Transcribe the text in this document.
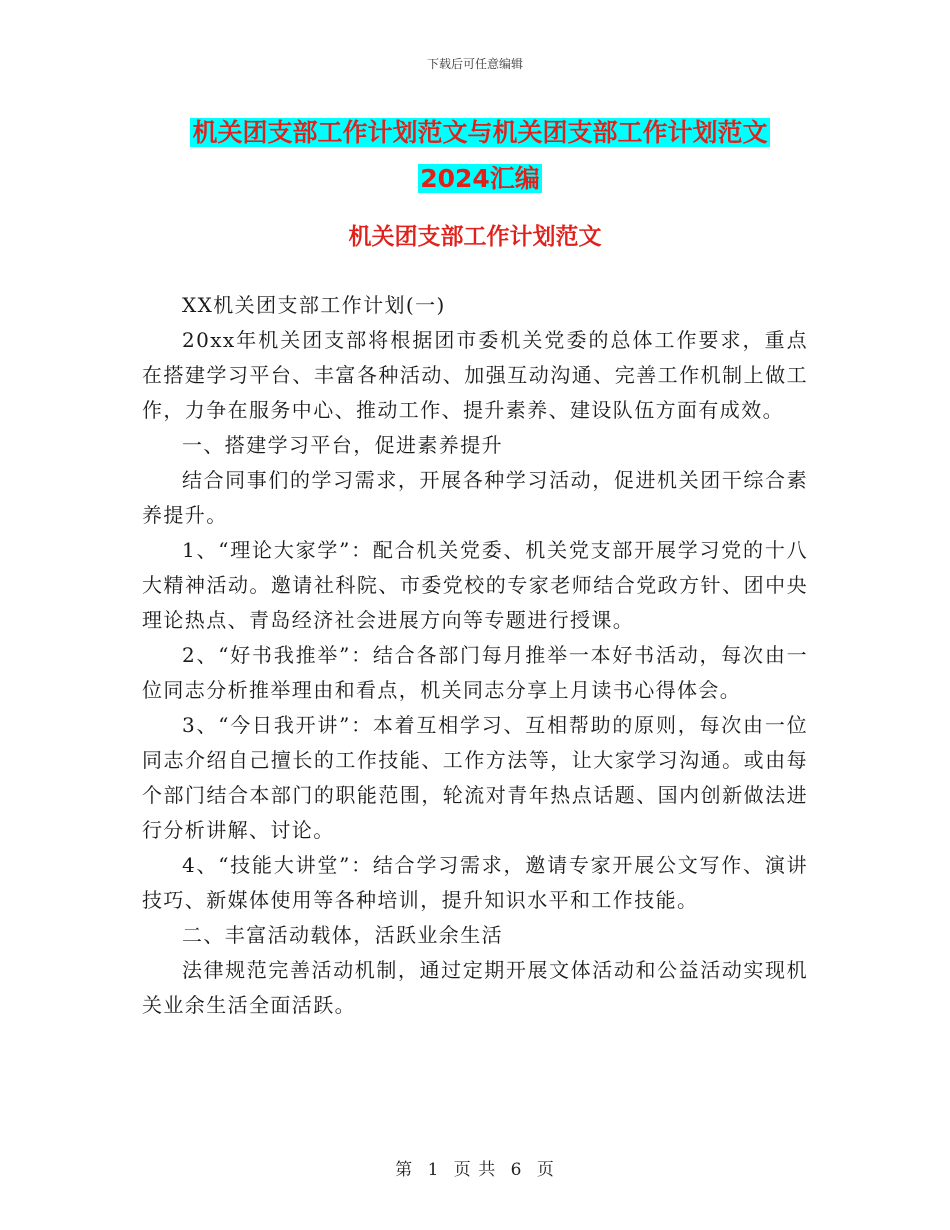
下载后可任意编辑
机关团支部工作计划范文与机关团支部工作计划范文
2024汇编
机关团支部工作计划范文

XX机关团支部工作计划(一)

20xx年机关团支部将根据团市委机关党委的总体工作要求，重点在搭建学习平台、丰富各种活动、加强互动沟通、完善工作机制上做工作，力争在服务中心、推动工作、提升素养、建设队伍方面有成效。

一、搭建学习平台，促进素养提升

结合同事们的学习需求，开展各种学习活动，促进机关团干综合素养提升。

1、“理论大家学”：配合机关党委、机关党支部开展学习党的十八大精神活动。邀请社科院、市委党校的专家老师结合党政方针、团中央理论热点、青岛经济社会进展方向等专题进行授课。

2、“好书我推举”：结合各部门每月推举一本好书活动，每次由一位同志分析推举理由和看点，机关同志分享上月读书心得体会。

3、“今日我开讲”：本着互相学习、互相帮助的原则，每次由一位同志介绍自己擅长的工作技能、工作方法等，让大家学习沟通。或由每个部门结合本部门的职能范围，轮流对青年热点话题、国内创新做法进行分析讲解、讨论。

4、“技能大讲堂”：结合学习需求，邀请专家开展公文写作、演讲技巧、新媒体使用等各种培训，提升知识水平和工作技能。

二、丰富活动载体，活跃业余生活

法律规范完善活动机制，通过定期开展文体活动和公益活动实现机关业余生活全面活跃。

第 1 页 共 6 页
